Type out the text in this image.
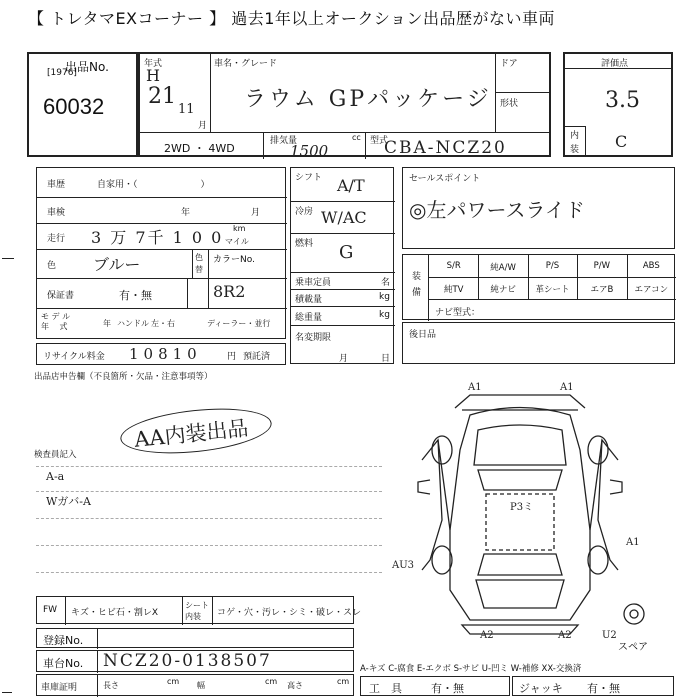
【 トレタマEXコーナー 】 過去1年以上オークション出品歴がない車両
出品No.
[1976]
60032
年式
H
21
11
月
車名・グレード
ラウム GPパッケージ
ドア
形状
2WD ・ 4WD
排気量	cc
1500
型式
CBA-NCZ20
評価点
3.5
内
装 C
車歴	自家用・（　　　　　　　）
車検	年	月
走行 3 万 7千 1 0 0 km
マイル
色 ブルー	色
替
カラーNo.
保証書	有・無	8R2
モ デ ル
年　 式	年 ハンドル 左・右	ディーラー・並行
リサイクル料金 10810	円 預託済
シフト A/T
冷房 W/AC
燃料 G
乗車定員	名
積載量	kg
総重量	kg
名変期限
月	日
セールスポイント
◎左パワースライド
装
備
S/R	純A/W	P/S	P/W	ABS
純TV	純ナビ	革シート	エアB	エアコン
ナビ型式：
後日品
出品店申告欄（不良箇所・欠品・注意事項等）
AA内装出品
検査員記入
A-a
Wガバ-A
A1	A1
P3ミ
A1
A2	A2
AU3
U2
スペア
FW キズ・ヒビ石・割レX
シート
内装 コゲ・穴・汚レ・シミ・破レ・スレ
登録No.
車台No. NCZ20-0138507	A-キズ C-腐食 E-エクボ S-サビ U-凹ミ W-補修 XX-交換済
車庫証明	長さ	cm 幅	cm 高さ	cm
工　具	有・無	ジャッキ 有・無
